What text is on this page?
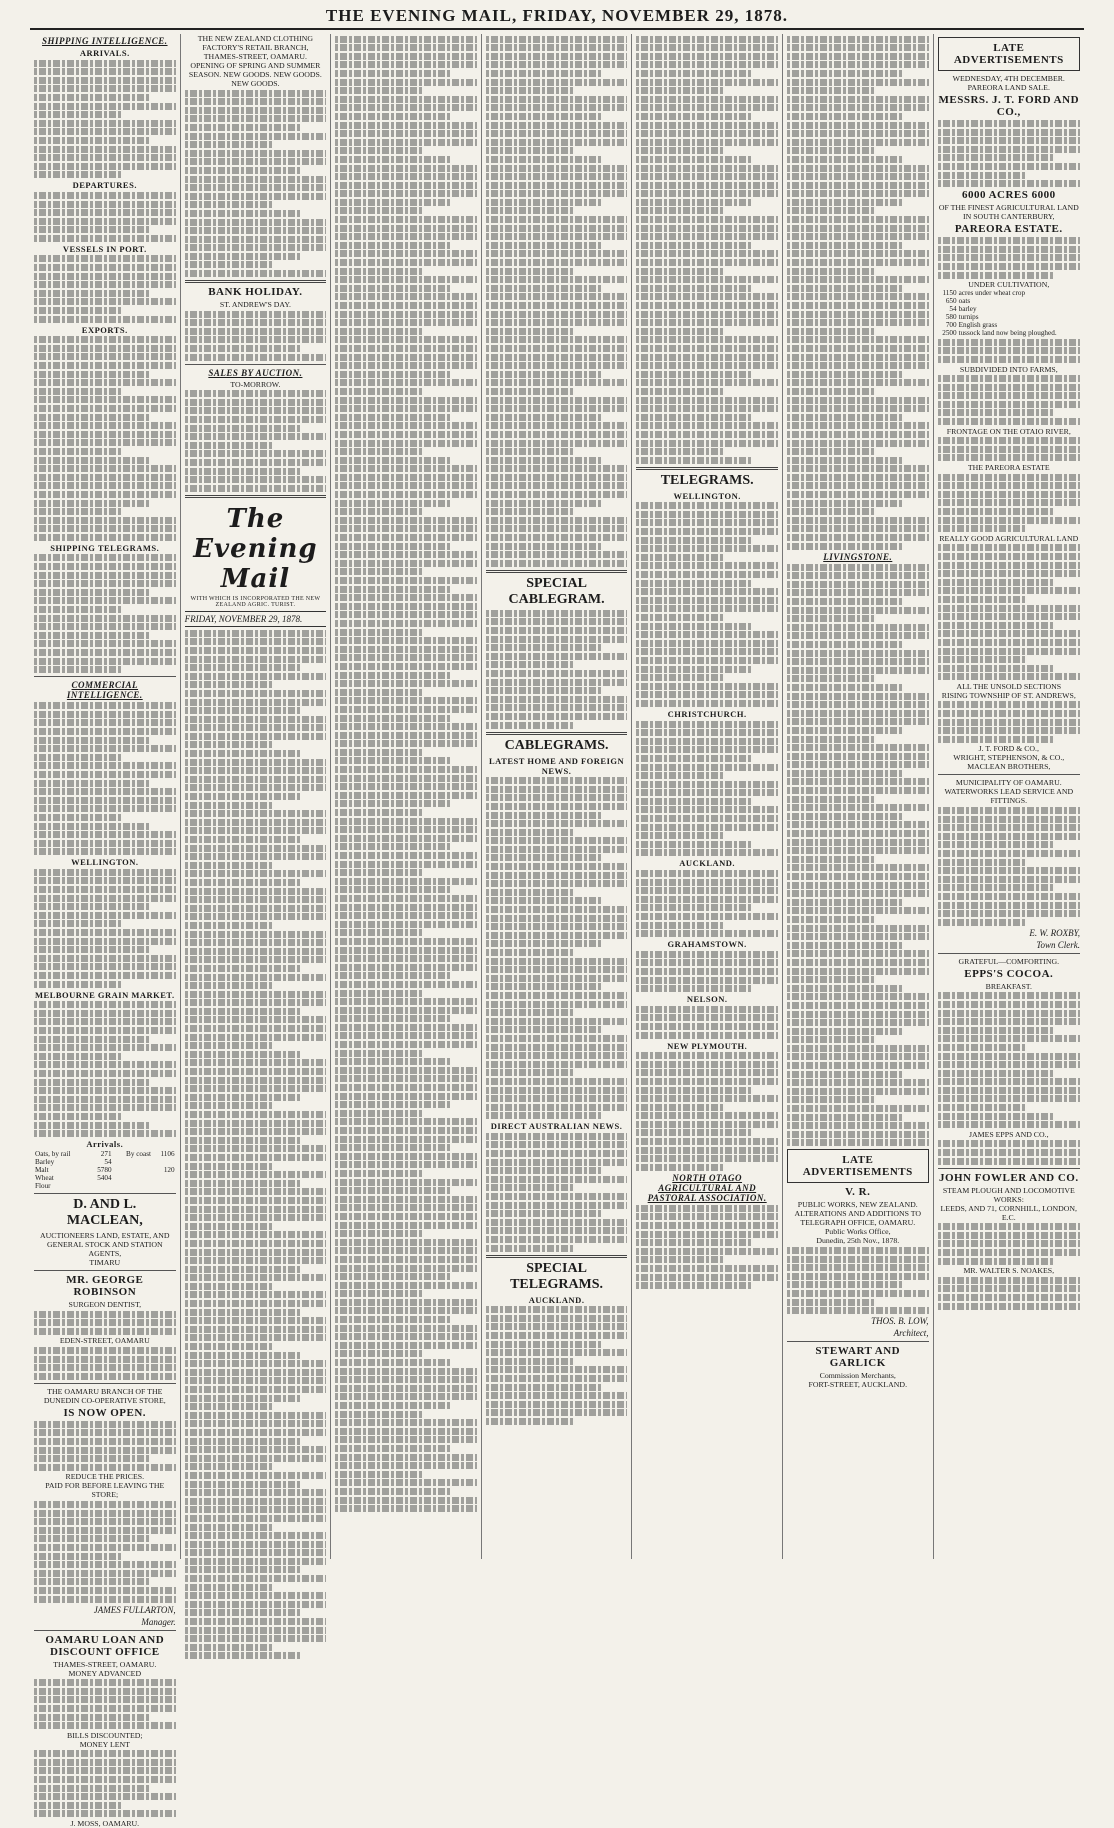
THE EVENING MAIL, FRIDAY, NOVEMBER 29, 1878.
SHIPPING INTELLIGENCE.
ARRIVALS.
DEPARTURES.
VESSELS IN PORT.
EXPORTS.
SHIPPING TELEGRAMS.
COMMERCIAL INTELLIGENCE.
WELLINGTON.
MELBOURNE GRAIN MARKET.
Arrivals.
Oats, by rail	271	By coast	1106
Barley	54		
Malt	5780		120
Wheat	5404		
Flour			
D. AND L. MACLEAN,
AUCTIONEERS LAND, ESTATE, AND GENERAL STOCK AND STATION AGENTS,
TIMARU
MR. GEORGE ROBINSON
SURGEON DENTIST,
EDEN-STREET, OAMARU
THE OAMARU BRANCH OF THE DUNEDIN CO-OPERATIVE STORE,
IS NOW OPEN.
REDUCE THE PRICES.
PAID FOR BEFORE LEAVING THE STORE;
JAMES FULLARTON,
Manager.
OAMARU LOAN AND DISCOUNT OFFICE
THAMES-STREET, OAMARU.
MONEY ADVANCED
BILLS DISCOUNTED;
MONEY LENT
J. MOSS, OAMARU.
THE NEW ZEALAND CLOTHING FACTORY'S RETAIL BRANCH,
THAMES-STREET, OAMARU.
OPENING OF SPRING AND SUMMER SEASON. NEW GOODS. NEW GOODS. NEW GOODS.
BANK HOLIDAY.
ST. ANDREW'S DAY.
SALES BY AUCTION.
TO-MORROW.
The Evening Mail
WITH WHICH IS INCORPORATED THE NEW ZEALAND AGRIC. TURIST.
FRIDAY, NOVEMBER 29, 1878.
SPECIAL CABLEGRAM.
CABLEGRAMS.
LATEST HOME AND FOREIGN NEWS.
DIRECT AUSTRALIAN NEWS.
SPECIAL TELEGRAMS.
AUCKLAND.
TELEGRAMS.
WELLINGTON.
CHRISTCHURCH.
AUCKLAND.
GRAHAMSTOWN.
NELSON.
NEW PLYMOUTH.
NORTH OTAGO AGRICULTURAL AND PASTORAL ASSOCIATION.
LIVINGSTONE.
LATE ADVERTISEMENTS
V. R.
PUBLIC WORKS, NEW ZEALAND.
ALTERATIONS AND ADDITIONS TO TELEGRAPH OFFICE, OAMARU.
Public Works Office,
Dunedin, 25th Nov., 1878.
THOS. B. LOW,
Architect,
STEWART AND GARLICK
Commission Merchants,
FORT-STREET, AUCKLAND.
LATE ADVERTISEMENTS
WEDNESDAY, 4TH DECEMBER.
PAREORA LAND SALE.
MESSRS. J. T. FORD AND CO.,
6000 ACRES 6000
OF THE FINEST AGRICULTURAL LAND
IN SOUTH CANTERBURY,
PAREORA ESTATE.
UNDER CULTIVATION,
1150	acres under wheat crop
650	oats
54	barley
580	turnips
700	English grass
2500	tussock land now being ploughed.
SUBDIVIDED INTO FARMS,
FRONTAGE ON THE OTAIO RIVER,
THE PAREORA ESTATE
REALLY GOOD AGRICULTURAL LAND
ALL THE UNSOLD SECTIONS
RISING TOWNSHIP OF ST. ANDREWS,
J. T. FORD & CO.,
WRIGHT, STEPHENSON, & CO.,
MACLEAN BROTHERS,
MUNICIPALITY OF OAMARU.
WATERWORKS LEAD SERVICE AND FITTINGS.
E. W. ROXBY,
Town Clerk.
GRATEFUL—COMFORTING.
EPPS'S COCOA.
BREAKFAST.
JAMES EPPS AND CO.,
JOHN FOWLER AND CO.
STEAM PLOUGH AND LOCOMOTIVE WORKS:
LEEDS, AND 71, CORNHILL, LONDON, E.C.
MR. WALTER S. NOAKES,
